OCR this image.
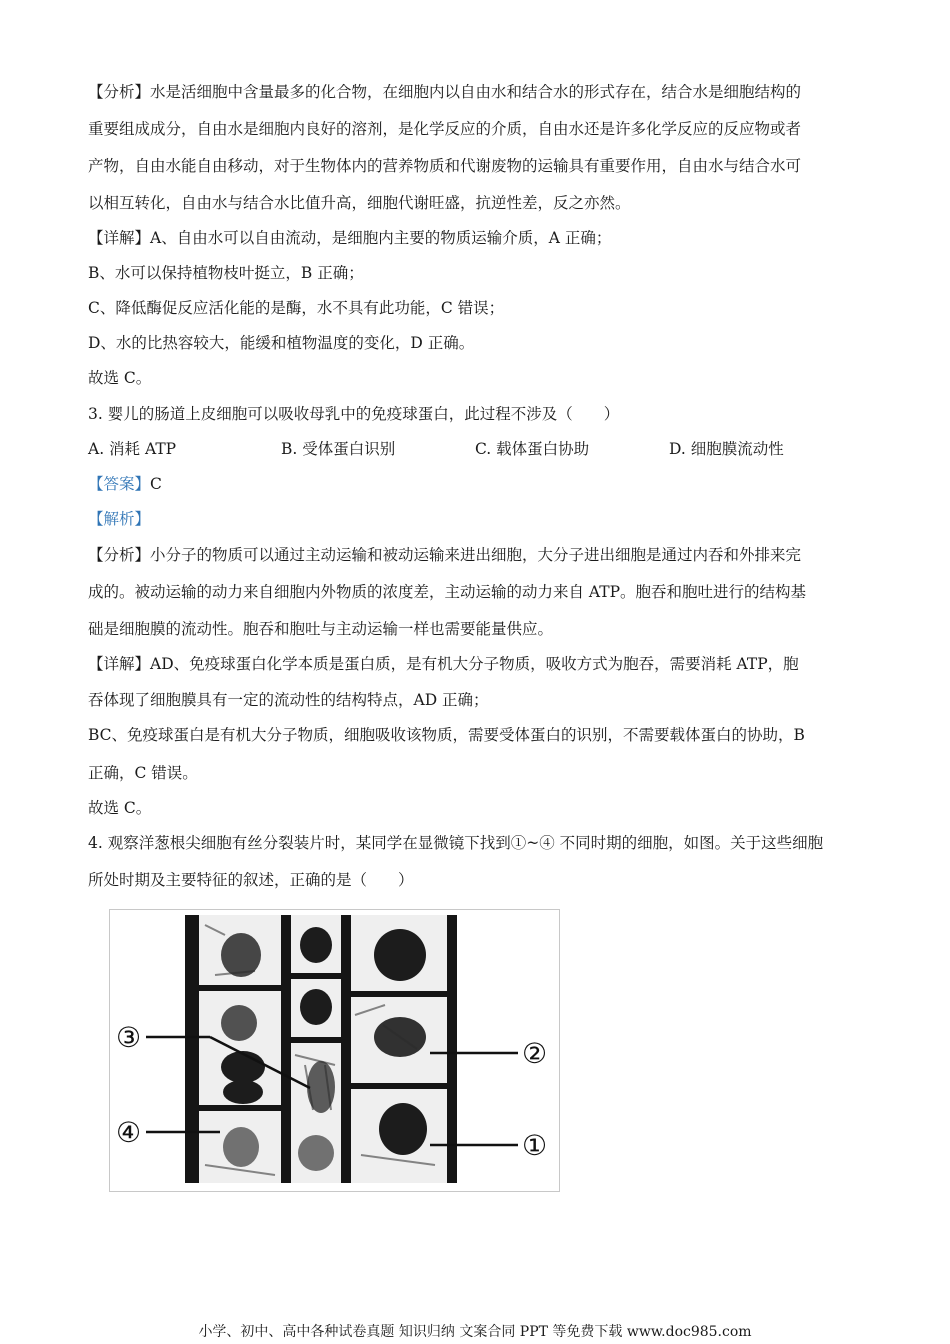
【分析】水是活细胞中含量最多的化合物，在细胞内以自由水和结合水的形式存在，结合水是细胞结构的
重要组成成分，自由水是细胞内良好的溶剂，是化学反应的介质，自由水还是许多化学反应的反应物或者
产物，自由水能自由移动，对于生物体内的营养物质和代谢废物的运输具有重要作用，自由水与结合水可
以相互转化，自由水与结合水比值升高，细胞代谢旺盛，抗逆性差，反之亦然。
【详解】A、自由水可以自由流动，是细胞内主要的物质运输介质，A 正确；
B、水可以保持植物枝叶挺立，B 正确；
C、降低酶促反应活化能的是酶，水不具有此功能，C 错误；
D、水的比热容较大，能缓和植物温度的变化，D 正确。
故选 C。
3. 婴儿的肠道上皮细胞可以吸收母乳中的免疫球蛋白，此过程不涉及（　　）
A. 消耗 ATP	B. 受体蛋白识别	C. 载体蛋白协助	D. 细胞膜流动性
【答案】C
【解析】
【分析】小分子的物质可以通过主动运输和被动运输来进出细胞，大分子进出细胞是通过内吞和外排来完
成的。被动运输的动力来自细胞内外物质的浓度差，主动运输的动力来自 ATP。胞吞和胞吐进行的结构基
础是细胞膜的流动性。胞吞和胞吐与主动运输一样也需要能量供应。
【详解】AD、免疫球蛋白化学本质是蛋白质，是有机大分子物质，吸收方式为胞吞，需要消耗 ATP，胞
吞体现了细胞膜具有一定的流动性的结构特点，AD 正确；
BC、免疫球蛋白是有机大分子物质，细胞吸收该物质，需要受体蛋白的识别，不需要载体蛋白的协助，B
正确，C 错误。
故选 C。
4. 观察洋葱根尖细胞有丝分裂装片时，某同学在显微镜下找到①~④ 不同时期的细胞，如图。关于这些细胞
所处时期及主要特征的叙述，正确的是（　　）
③
④
②
①
小学、初中、高中各种试卷真题 知识归纳 文案合同 PPT 等免费下载 www.doc985.com
